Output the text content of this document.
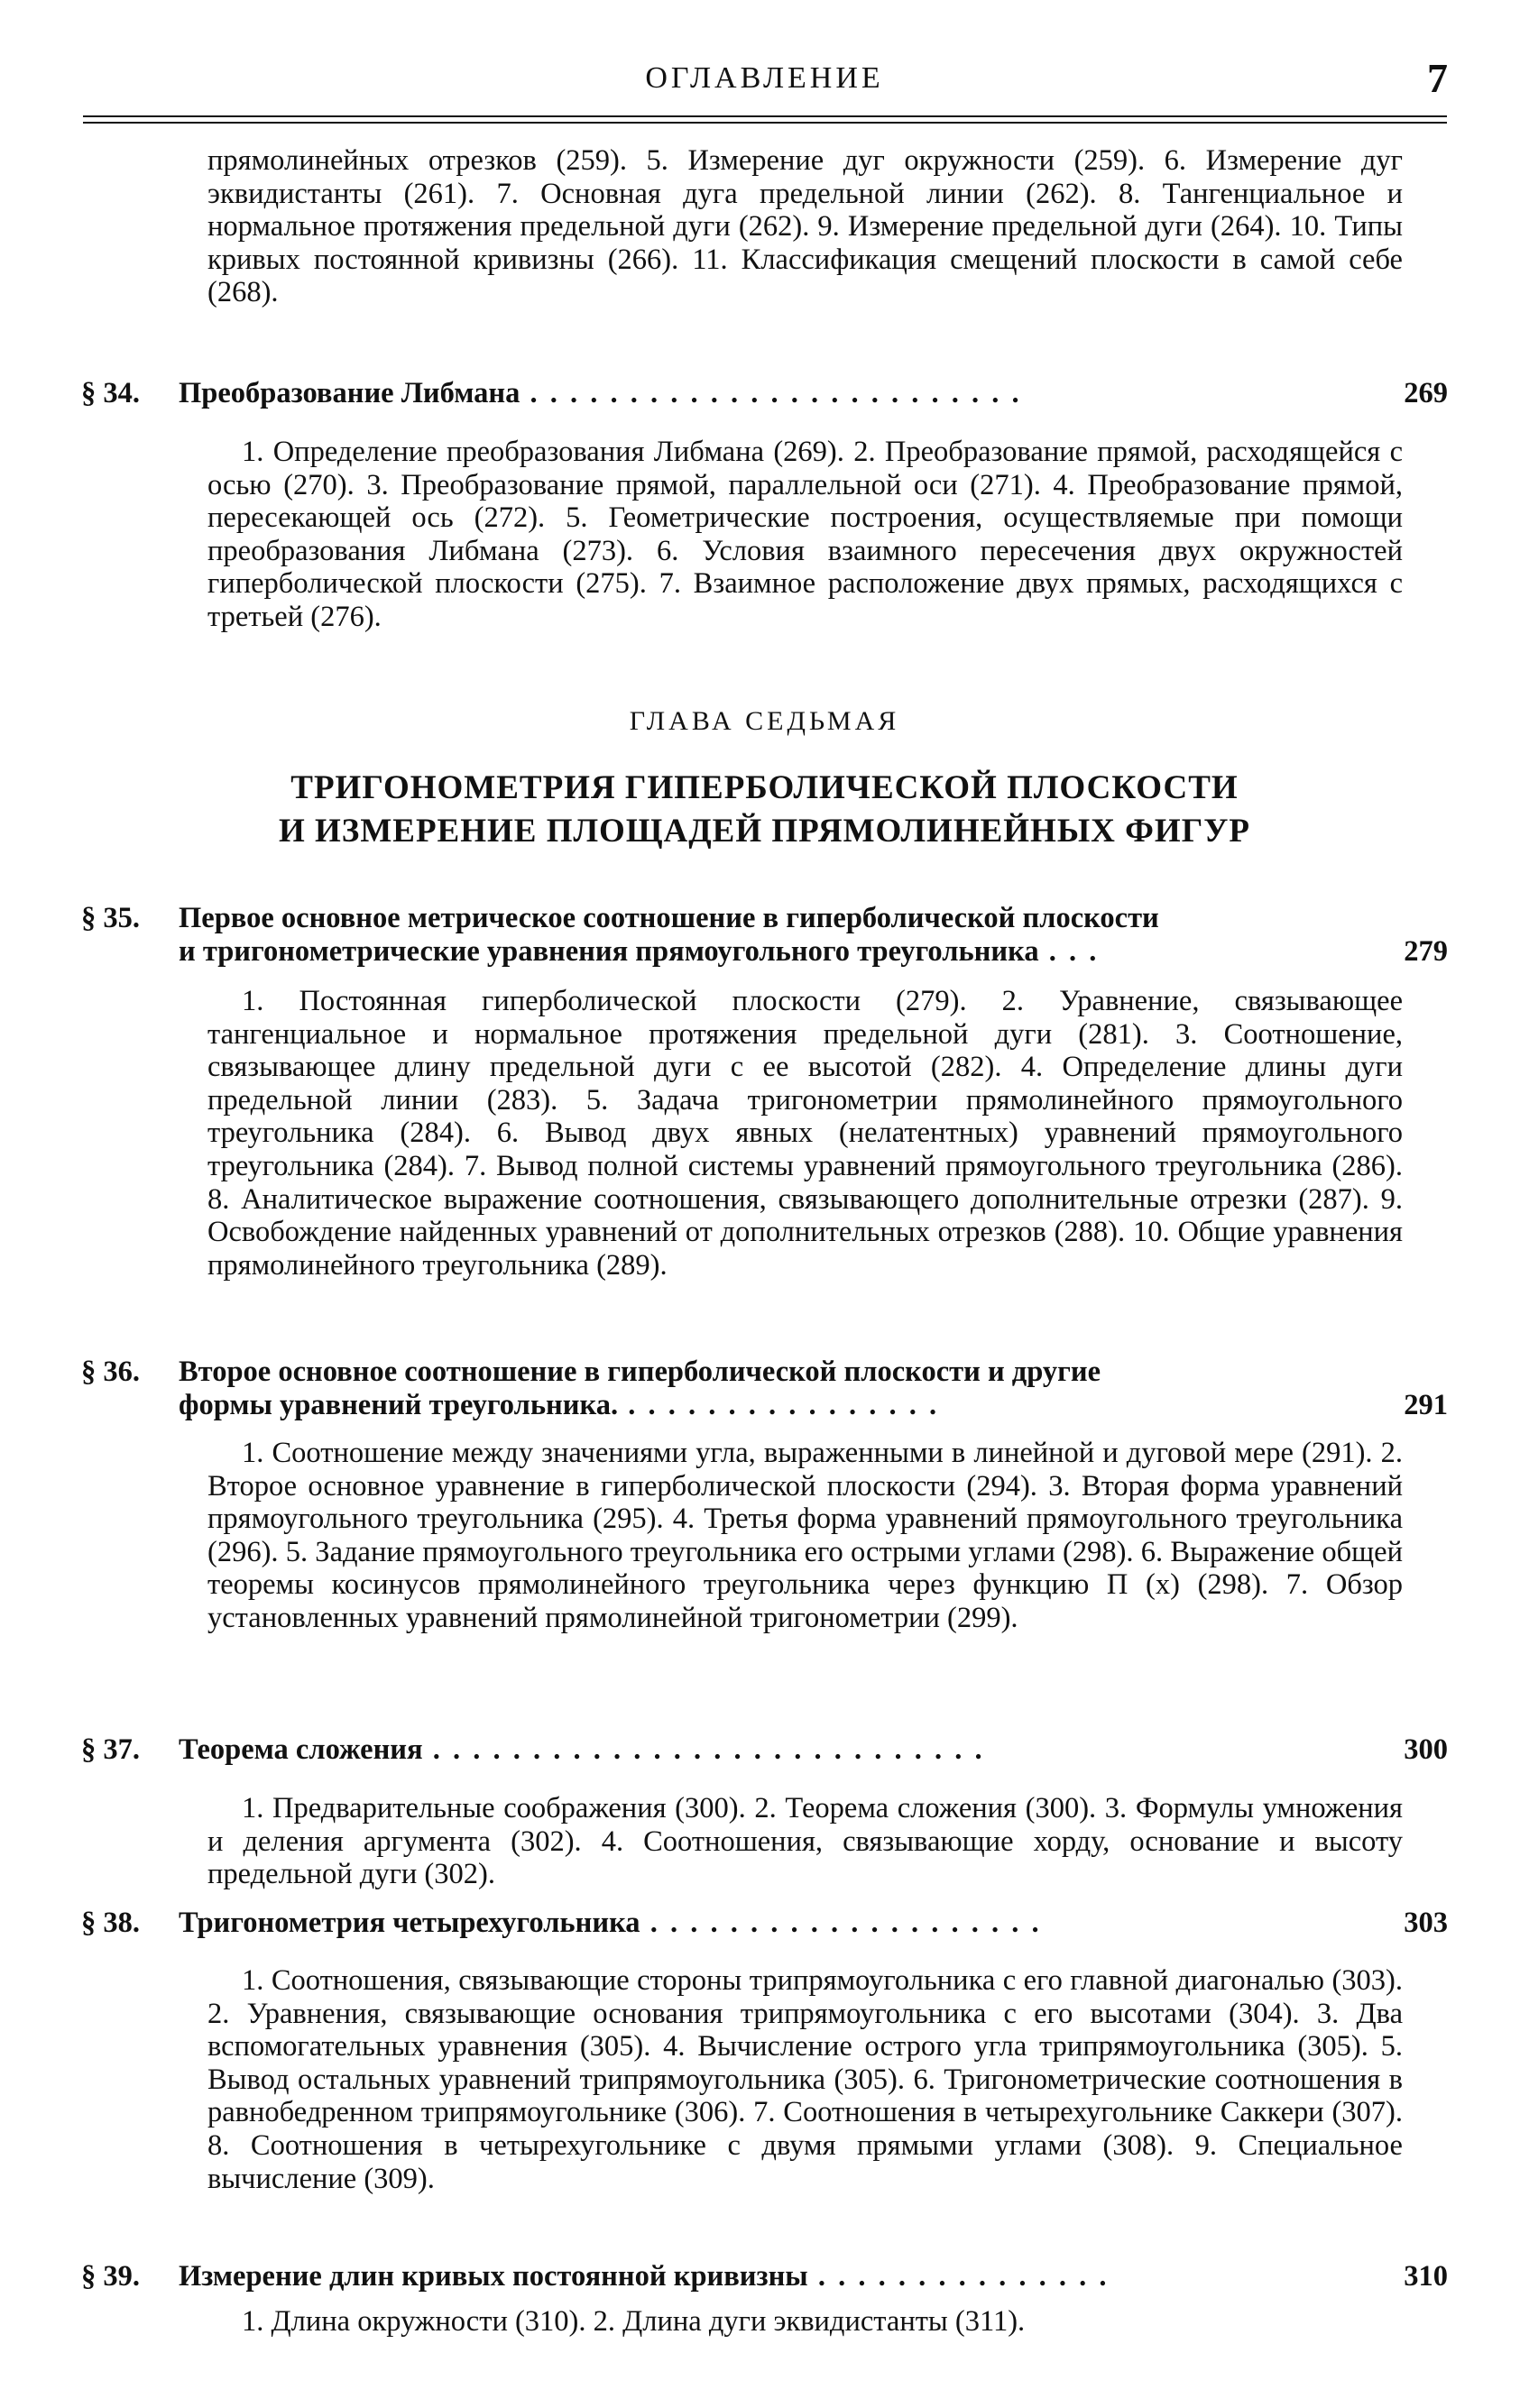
ОГЛАВЛЕНИЕ	7

прямолинейных отрезков (259). 5. Измерение дуг окружности (259). 6. Измерение дуг эквидистанты (261). 7. Основная дуга предельной линии (262). 8. Тангенциальное и нормальное протяжения предельной дуги (262). 9. Измерение предельной дуги (264). 10. Типы кривых постоянной кривизны (266). 11. Классификация смещений плоскости в самой себе (268).

§ 34.	Преобразование Либмана . . . . . . . . . . . . . . . . . . . . . . . . .	269

1. Определение преобразования Либмана (269). 2. Преобразование прямой, расходящейся с осью (270). 3. Преобразование прямой, параллельной оси (271). 4. Преобразование прямой, пересекающей ось (272). 5. Геометрические построения, осуществляемые при помощи преобразования Либмана (273). 6. Условия взаимного пересечения двух окружностей гиперболической плоскости (275). 7. Взаимное расположение двух прямых, расходящихся с третьей (276).

ГЛАВА СЕДЬМАЯ
ТРИГОНОМЕТРИЯ ГИПЕРБОЛИЧЕСКОЙ ПЛОСКОСТИ
И ИЗМЕРЕНИЕ ПЛОЩАДЕЙ ПРЯМОЛИНЕЙНЫХ ФИГУР
§ 35.	Первое основное метрическое соотношение в гиперболической плоскости
и тригонометрические уравнения прямоугольного треугольника . . .	279

1. Постоянная гиперболической плоскости (279). 2. Уравнение, связывающее тангенциальное и нормальное протяжения предельной дуги (281). 3. Соотношение, связывающее длину предельной дуги с ее высотой (282). 4. Определение длины дуги предельной линии (283). 5. Задача тригонометрии прямолинейного прямоугольного треугольника (284). 6. Вывод двух явных (нелатентных) уравнений прямоугольного треугольника (284). 7. Вывод полной системы уравнений прямоугольного треугольника (286). 8. Аналитическое выражение соотношения, связывающего дополнительные отрезки (287). 9. Освобождение найденных уравнений от дополнительных отрезков (288). 10. Общие уравнения прямолинейного треугольника (289).

§ 36.	Второе основное соотношение в гиперболической плоскости и другие
формы уравнений треугольника. . . . . . . . . . . . . . . . .	291

1. Соотношение между значениями угла, выраженными в линейной и дуговой мере (291). 2. Второе основное уравнение в гиперболической плоскости (294). 3. Вторая форма уравнений прямоугольного треугольника (295). 4. Третья форма уравнений прямоугольного треугольника (296). 5. Задание прямоугольного треугольника его острыми углами (298). 6. Выражение общей теоремы косинусов прямолинейного треугольника через функцию П (x) (298). 7. Обзор установленных уравнений прямолинейной тригонометрии (299).

§ 37.	Теорема сложения . . . . . . . . . . . . . . . . . . . . . . . . . . . .	300

1. Предварительные соображения (300). 2. Теорема сложения (300). 3. Формулы умножения и деления аргумента (302). 4. Соотношения, связывающие хорду, основание и высоту предельной дуги (302).

§ 38.	Тригонометрия четырехугольника . . . . . . . . . . . . . . . . . . . .	303

1. Соотношения, связывающие стороны трипрямоугольника с его главной диагональю (303). 2. Уравнения, связывающие основания трипрямоугольника с его высотами (304). 3. Два вспомогательных уравнения (305). 4. Вычисление острого угла трипрямоугольника (305). 5. Вывод остальных уравнений трипрямоугольника (305). 6. Тригонометрические соотношения в равнобедренном трипрямоугольнике (306). 7. Соотношения в четырехугольнике Саккери (307). 8. Соотношения в четырехугольнике с двумя прямыми углами (308). 9. Специальное вычисление (309).

§ 39.	Измерение длин кривых постоянной кривизны . . . . . . . . . . . . . . .	310

1. Длина окружности (310). 2. Длина дуги эквидистанты (311).
